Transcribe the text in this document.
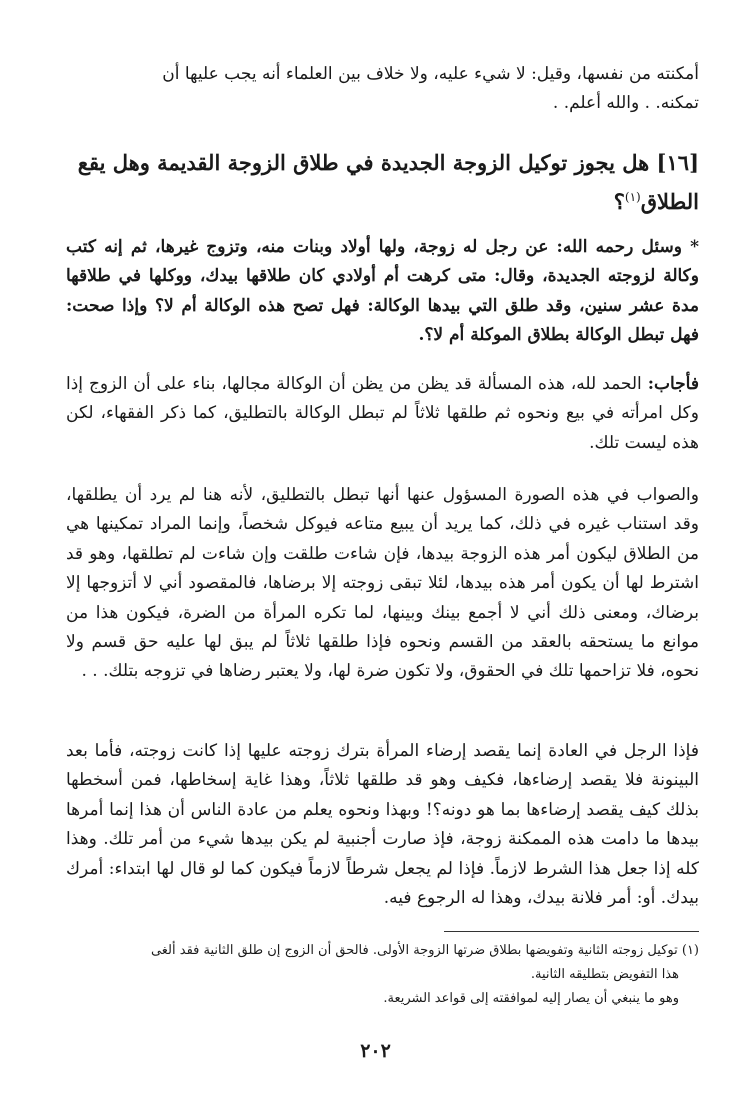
أمكنته من نفسها، وقيل: لا شيء عليه، ولا خلاف بين العلماء أنه يجب عليها أن
تمكنه. . والله أعلم. .
[١٦] هل يجوز توكيل الزوجة الجديدة في طلاق الزوجة القديمة وهل يقع
الطلاق$^{(١)}$؟
* وسئل رحمه الله: عن رجل له زوجة، ولها أولاد وبنات منه، وتزوج غيرها، ثم إنه كتب وكالة لزوجته الجديدة، وقال: متى كرهت أم أولادي كان طلاقها بيدك، ووكلها في طلاقها مدة عشر سنين، وقد طلق التي بيدها الوكالة: فهل تصح هذه الوكالة أم لا؟ وإذا صحت: فهل تبطل الوكالة بطلاق الموكلة أم لا؟.
فأجاب: الحمد لله، هذه المسألة قد يظن من يظن أن الوكالة مجالها، بناء على أن الزوج إذا وكل امرأته في بيع ونحوه ثم طلقها ثلاثاً لم تبطل الوكالة بالتطليق، كما ذكر الفقهاء، لكن هذه ليست تلك.
والصواب في هذه الصورة المسؤول عنها أنها تبطل بالتطليق، لأنه هنا لم يرد أن يطلقها، وقد استناب غيره في ذلك، كما يريد أن يبيع متاعه فيوكل شخصاً، وإنما المراد تمكينها هي من الطلاق ليكون أمر هذه الزوجة بيدها، فإن شاءت طلقت وإن شاءت لم تطلقها، وهو قد اشترط لها أن يكون أمر هذه بيدها، لئلا تبقى زوجته إلا برضاها، فالمقصود أني لا أتزوجها إلا برضاك، ومعنى ذلك أني لا أجمع بينك وبينها، لما تكره المرأة من الضرة، فيكون هذا من موانع ما يستحقه بالعقد من القسم ونحوه فإذا طلقها ثلاثاً لم يبق لها عليه حق قسم ولا نحوه، فلا تزاحمها تلك في الحقوق، ولا تكون ضرة لها، ولا يعتبر رضاها في تزوجه بتلك. . .
فإذا الرجل في العادة إنما يقصد إرضاء المرأة بترك زوجته عليها إذا كانت زوجته، فأما بعد البينونة فلا يقصد إرضاءها، فكيف وهو قد طلقها ثلاثاً، وهذا غاية إسخاطها، فمن أسخطها بذلك كيف يقصد إرضاءها بما هو دونه؟! وبهذا ونحوه يعلم من عادة الناس أن هذا إنما أمرها بيدها ما دامت هذه الممكنة زوجة، فإذ صارت أجنبية لم يكن بيدها شيء من أمر تلك. وهذا كله إذا جعل هذا الشرط لازماً. فإذا لم يجعل شرطاً لازماً فيكون كما لو قال لها ابتداء: أمرك بيدك. أو: أمر فلانة بيدك، وهذا له الرجوع فيه.
(١) توكيل زوجته الثانية وتفويضها بطلاق ضرتها الزوجة الأولى. فالحق أن الزوج إن طلق الثانية فقد ألغى
هذا التفويض بتطليقه الثانية.
وهو ما ينبغي أن يصار إليه لموافقته إلى قواعد الشريعة.
٢٠٢
